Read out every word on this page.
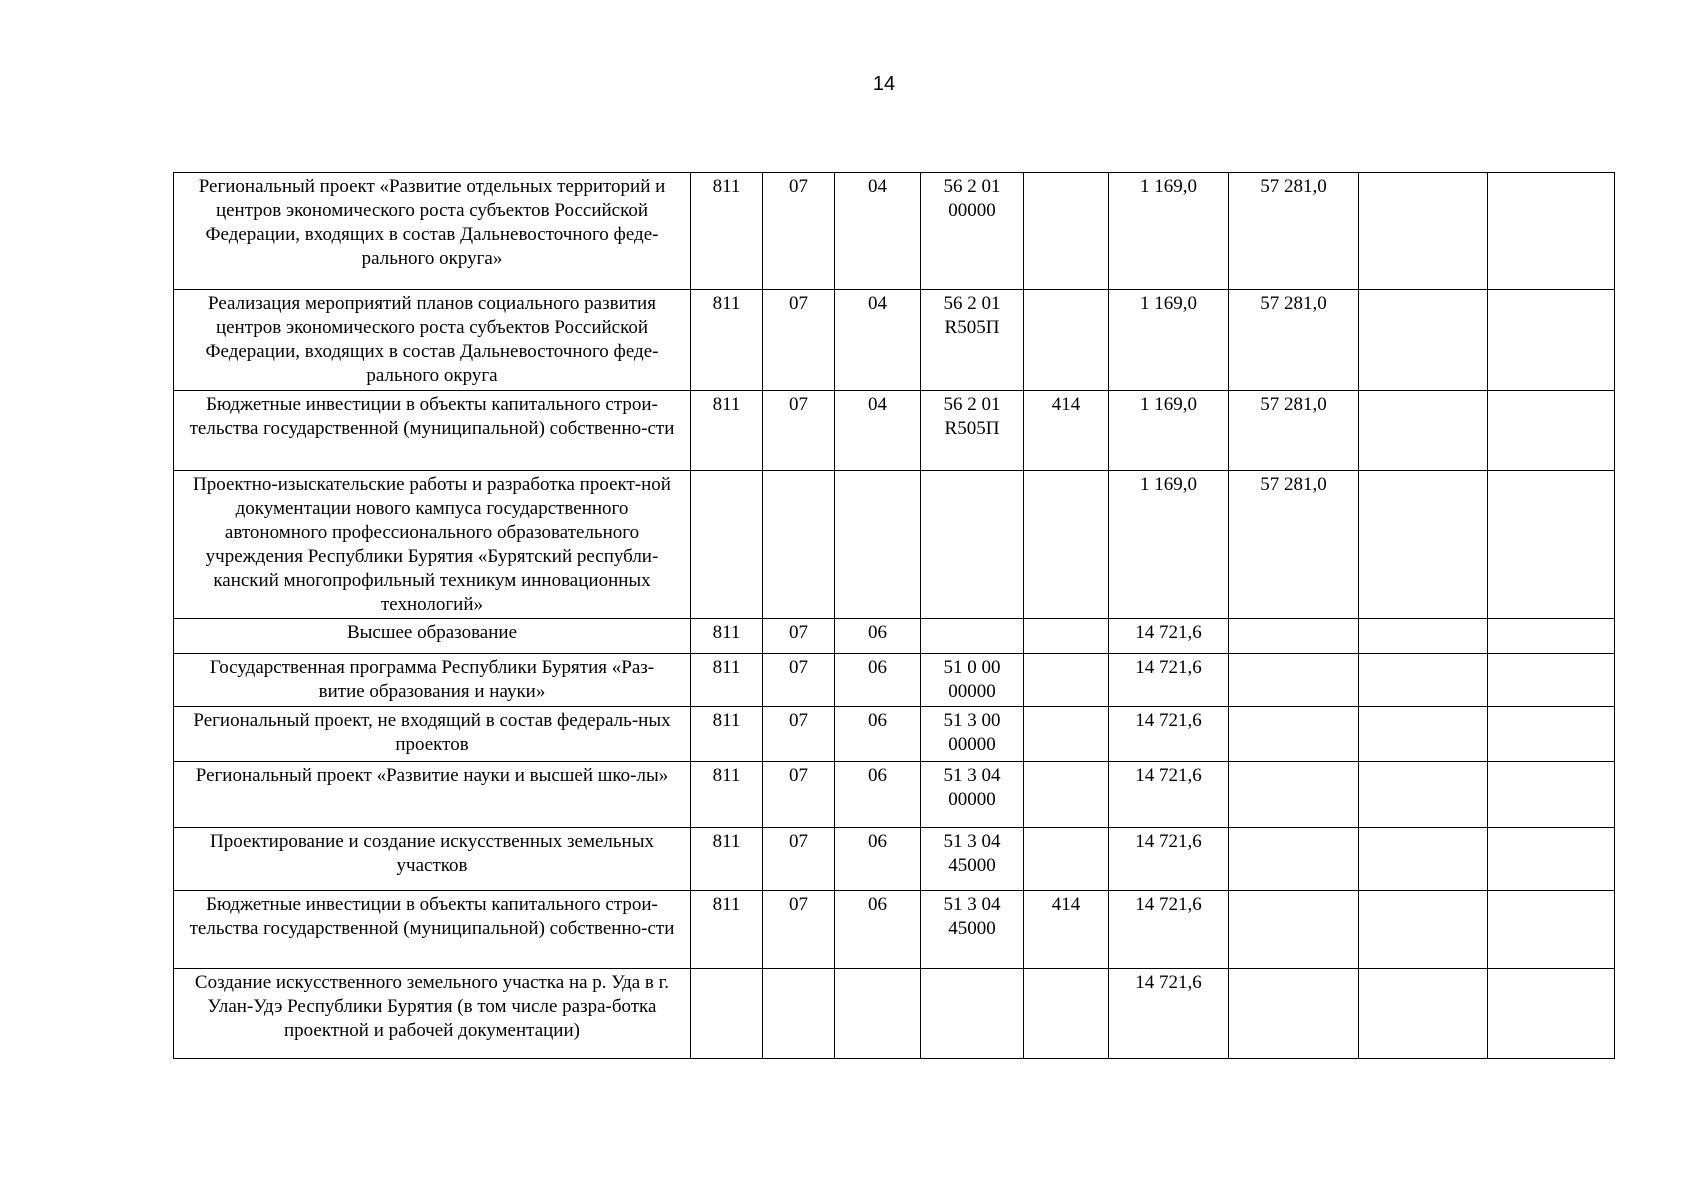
14
Региональный проект «Развитие отдельных территорий и центров экономического роста субъектов Российской Федерации, входящих в состав Дальневосточного феде-рального округа»	811	07	04	56 2 01 00000		1 169,0	57 281,0		
Реализация мероприятий планов социального развития центров экономического роста субъектов Российской Федерации, входящих в состав Дальневосточного феде-рального округа	811	07	04	56 2 01 R505П		1 169,0	57 281,0		
Бюджетные инвестиции в объекты капитального строи-тельства государственной (муниципальной) собственно-сти	811	07	04	56 2 01 R505П	414	1 169,0	57 281,0		
Проектно-изыскательские работы и разработка проект-ной документации нового кампуса государственного автономного профессионального образовательного учреждения Республики Бурятия «Бурятский республи-канский многопрофильный техникум инновационных технологий»						1 169,0	57 281,0		
Высшее образование	811	07	06			14 721,6			
Государственная программа Республики Бурятия «Раз-витие образования и науки»	811	07	06	51 0 00 00000		14 721,6			
Региональный проект, не входящий в состав федераль-ных проектов	811	07	06	51 3 00 00000		14 721,6			
Региональный проект «Развитие науки и высшей шко-лы»	811	07	06	51 3 04 00000		14 721,6			
Проектирование и создание искусственных земельных участков	811	07	06	51 3 04 45000		14 721,6			
Бюджетные инвестиции в объекты капитального строи-тельства государственной (муниципальной) собственно-сти	811	07	06	51 3 04 45000	414	14 721,6			
Создание искусственного земельного участка на р. Уда в г. Улан-Удэ Республики Бурятия (в том числе разра-ботка проектной и рабочей документации)						14 721,6			
